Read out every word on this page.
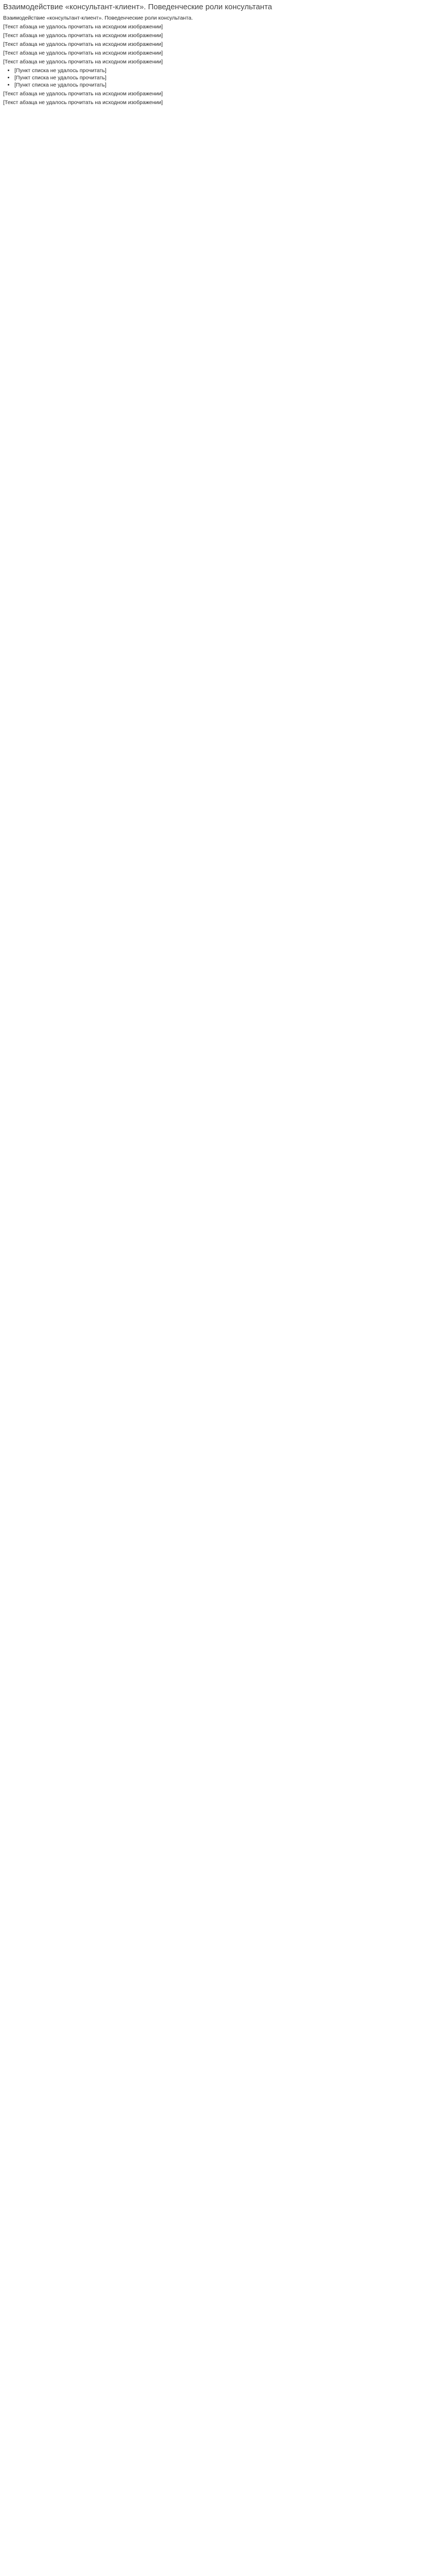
Взаимодействие «консультант-клиент». Поведенческие роли консультанта

Взаимодействие «консультант-клиент». Поведенческие роли консультанта.

[Текст абзаца не удалось прочитать на исходном изображении]

[Текст абзаца не удалось прочитать на исходном изображении]

[Текст абзаца не удалось прочитать на исходном изображении]

[Текст абзаца не удалось прочитать на исходном изображении]

[Текст абзаца не удалось прочитать на исходном изображении]

• [Пункт списка не удалось прочитать]
• [Пункт списка не удалось прочитать]
• [Пункт списка не удалось прочитать]

[Текст абзаца не удалось прочитать на исходном изображении]

[Текст абзаца не удалось прочитать на исходном изображении]
